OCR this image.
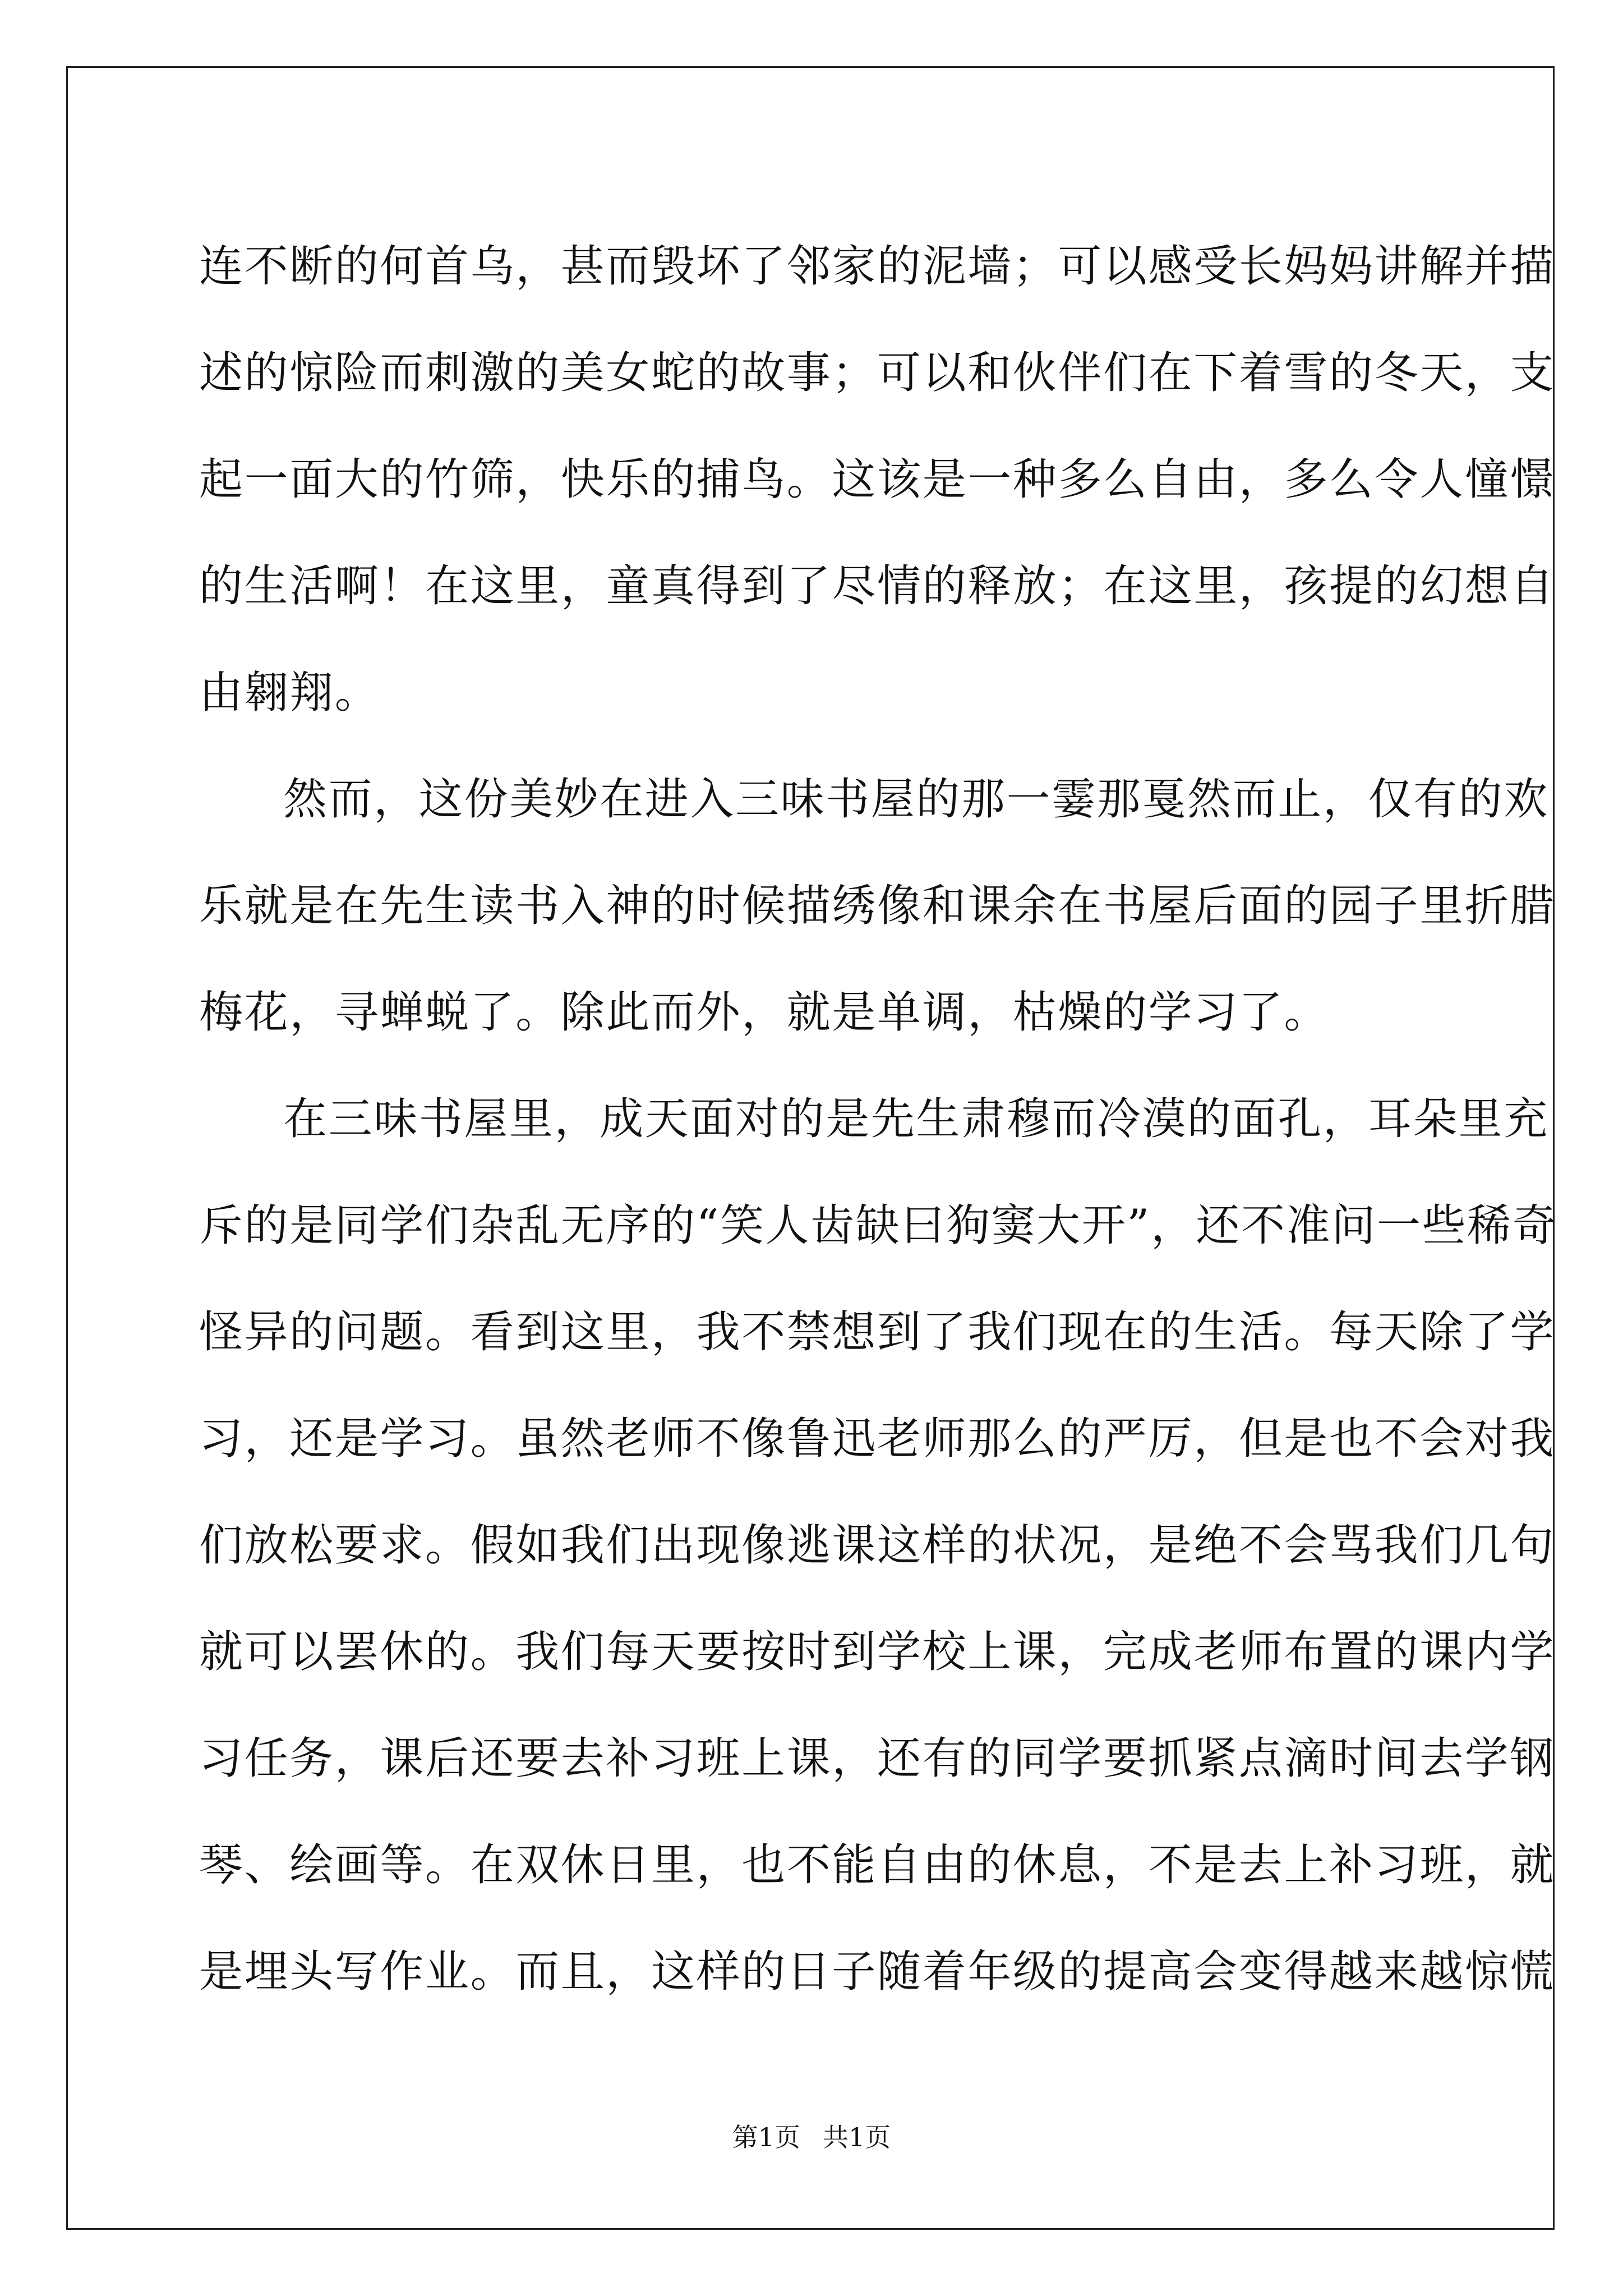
连不断的何首乌，甚而毁坏了邻家的泥墙；可以感受长妈妈讲解并描
述的惊险而刺激的美女蛇的故事；可以和伙伴们在下着雪的冬天，支
起一面大的竹筛，快乐的捕鸟。这该是一种多么自由，多么令人憧憬
的生活啊！在这里，童真得到了尽情的释放；在这里，孩提的幻想自
由翱翔。
然而，这份美妙在进入三味书屋的那一霎那戛然而止，仅有的欢
乐就是在先生读书入神的时候描绣像和课余在书屋后面的园子里折腊
梅花，寻蝉蜕了。除此而外，就是单调，枯燥的学习了。
在三味书屋里，成天面对的是先生肃穆而冷漠的面孔，耳朵里充
斥的是同学们杂乱无序的“笑人齿缺曰狗窦大开”，还不准问一些稀奇
怪异的问题。看到这里，我不禁想到了我们现在的生活。每天除了学
习，还是学习。虽然老师不像鲁迅老师那么的严厉，但是也不会对我
们放松要求。假如我们出现像逃课这样的状况，是绝不会骂我们几句
就可以罢休的。我们每天要按时到学校上课，完成老师布置的课内学
习任务，课后还要去补习班上课，还有的同学要抓紧点滴时间去学钢
琴、绘画等。在双休日里，也不能自由的休息，不是去上补习班，就
是埋头写作业。而且，这样的日子随着年级的提高会变得越来越惊慌
第1页 共1页
